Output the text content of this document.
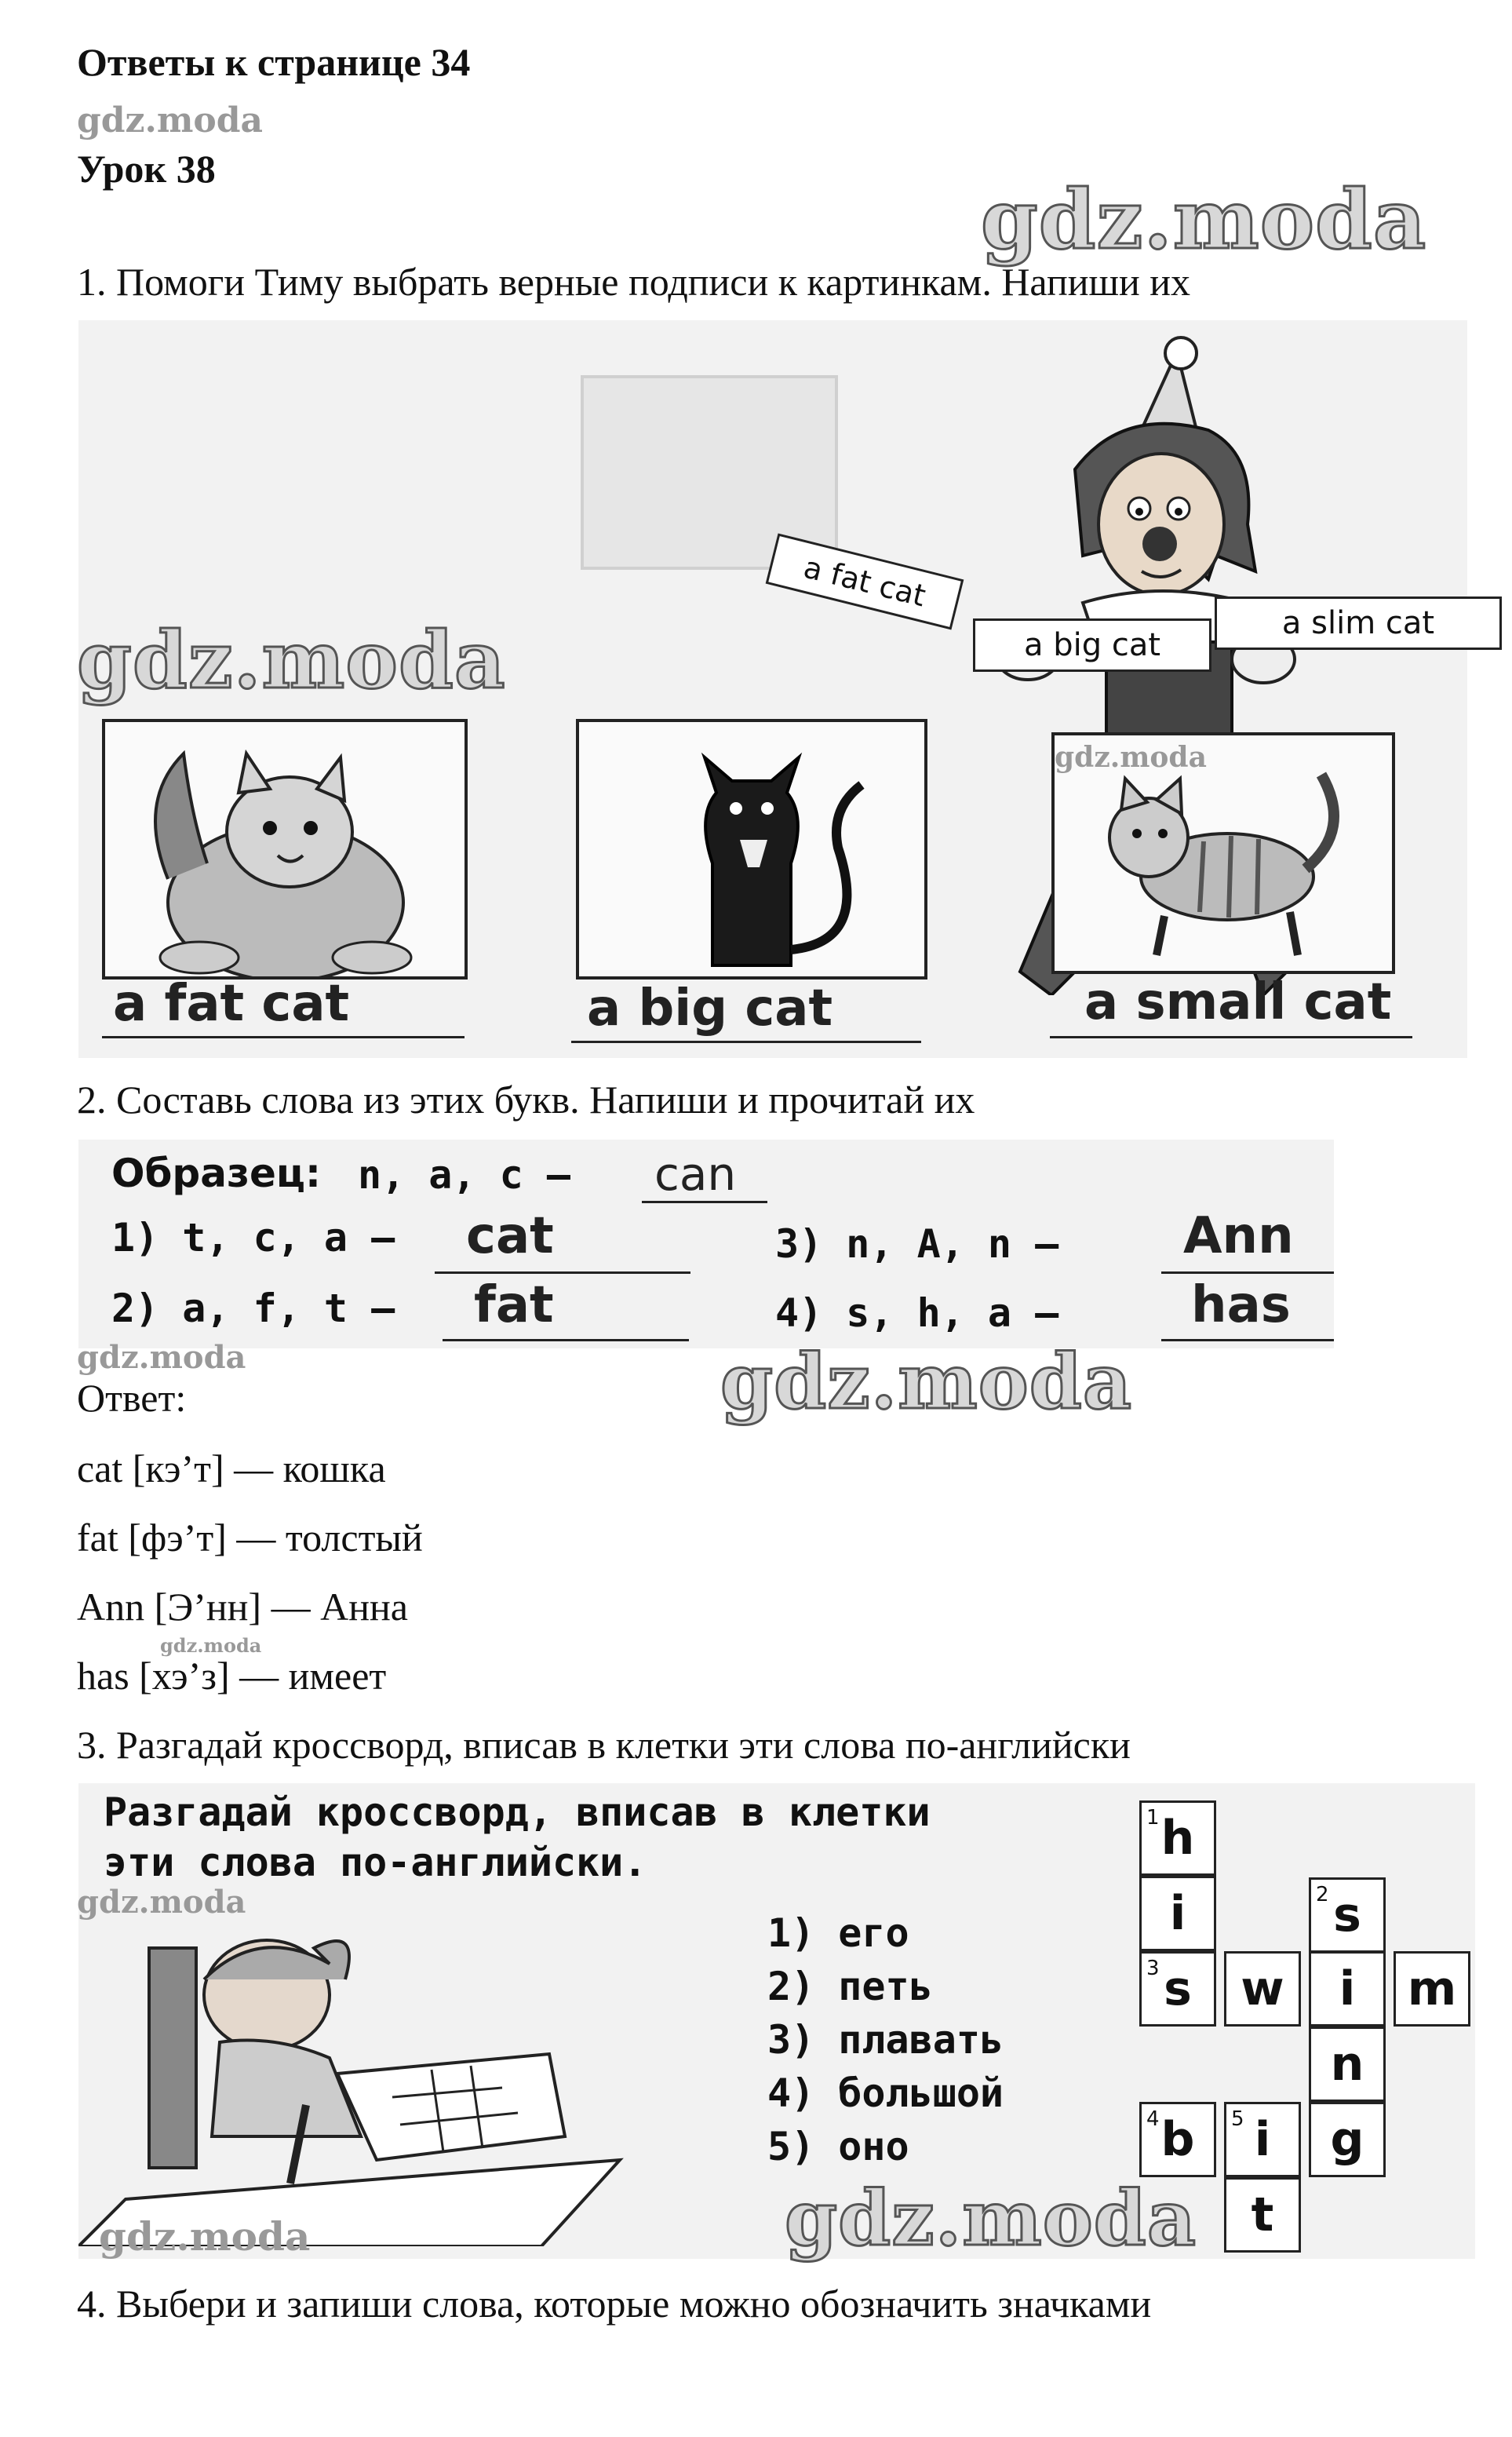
Ответы к странице 34
gdz.moda
Урок 38
gdz.moda
1. Помоги Тиму выбрать верные подписи к картинкам. Напиши их
a fat cat
a big cat
a slim cat
a fat cat	a big cat	a small cat
gdz.moda
gdz.moda
2. Составь слова из этих букв. Напиши и прочитай их
Образец: n, a, c — can
1) t, c, a — cat
2) a, f, t — fat
3) n, A, n — Ann
4) s, h, a —	has
gdz.moda	gdz.moda
Ответ:
cat [кэ’т] — кошка
fat [фэ’т] — толстый
Ann [Э’нн] — Анна
gdz.moda
has [хэ’з] — имеет
3. Разгадай кроссворд, вписав в клетки эти слова по-английски
Разгадай кроссворд, вписав в клетки
эти слова по-английски.
1) его
2) петь
3) плавать
4) большой
5) оно
1 h
i	2 s
3 s w i m
n
4 b 5 i g
t
gdz.moda
gdz.moda	gdz.moda
4. Выбери и запиши слова, которые можно обозначить значками
